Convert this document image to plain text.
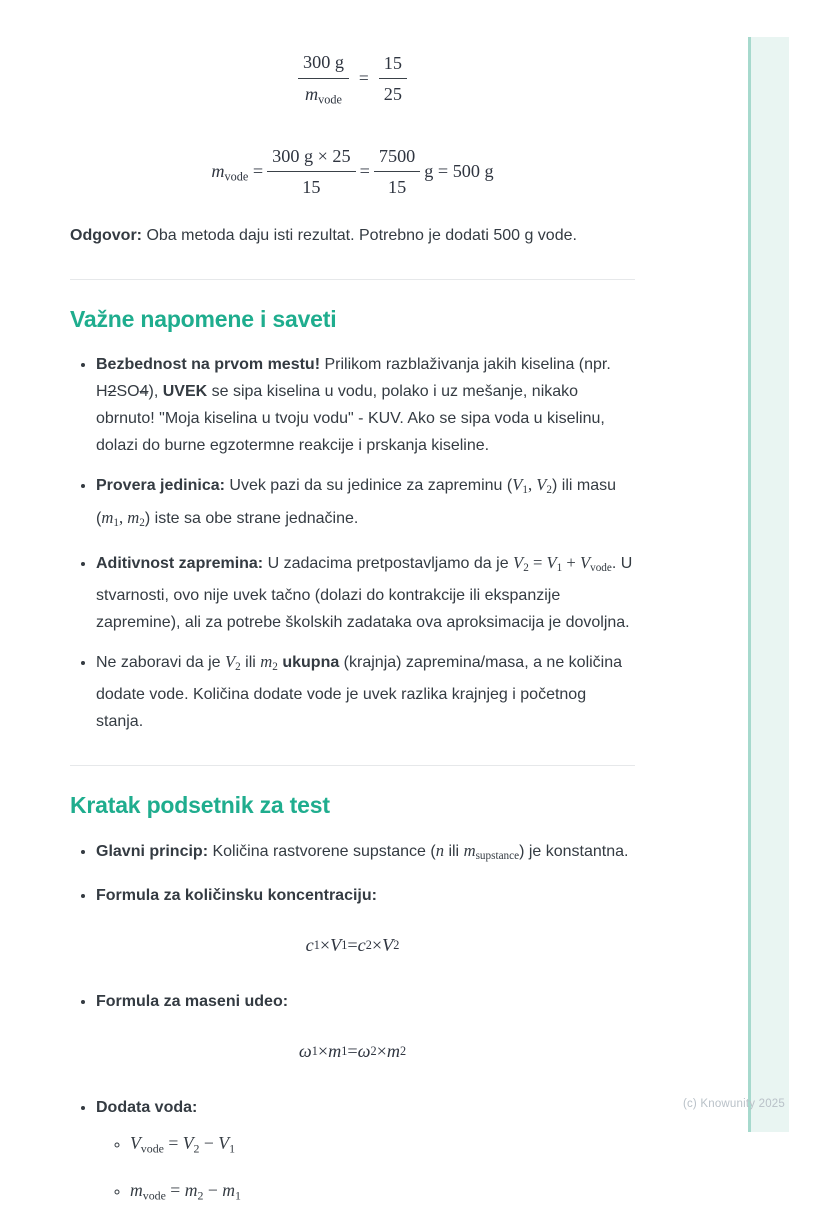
$\frac{300 g}{\text{mvode}} = \frac{15}{25}$
mvode = $\frac{300 g \times 25}{15} = \frac{7500}{15}$ g = 500 g

Odgovor: Oba metoda daju isti rezultat. Potrebno je dodati 500 g vode.

Važne napomene i saveti
• Bezbednost na prvom mestu! Prilikom razblaživanja jakih kiselina (npr. H2SO4), UVEK se sipa kiselina u vodu, polako i uz mešanje, nikako obrnuto! "Moja kiselina u tvoju vodu" - KUV. Ako se sipa voda u kiselinu, dolazi do burne egzotermne reakcije i prskanja kiseline.
• Provera jedinica: Uvek pazi da su jedinice za zapreminu (V1, V2) ili masu (m1, m2) iste sa obe strane jednačine.
• Aditivnost zapremina: U zadacima pretpostavljamo da je V2 = V1 + Vvode. U stvarnosti, ovo nije uvek tačno (dolazi do kontrakcije ili ekspanzije zapremine), ali za potrebe školskih zadataka ova aproksimacija je dovoljna.
• Ne zaboravi da je V2 ili m2 ukupna (krajnja) zapremina/masa, a ne količina dodate vode. Količina dodate vode je uvek razlika krajnjeg i početnog stanja.
Kratak podsetnik za test
• Glavni princip: Količina rastvorene supstance (n ili msupstance) je konstantna.
• Formula za količinsku koncentraciju:
c 1 × V 1 = c 2 × V 2
• Formula za maseni udeo:
ω 1 × m 1 = ω 2 × m 2
• Dodata voda:
◦ Vvode = V2 − V1
◦ mvode = m2 − m1
(c) Knowunity 2025
